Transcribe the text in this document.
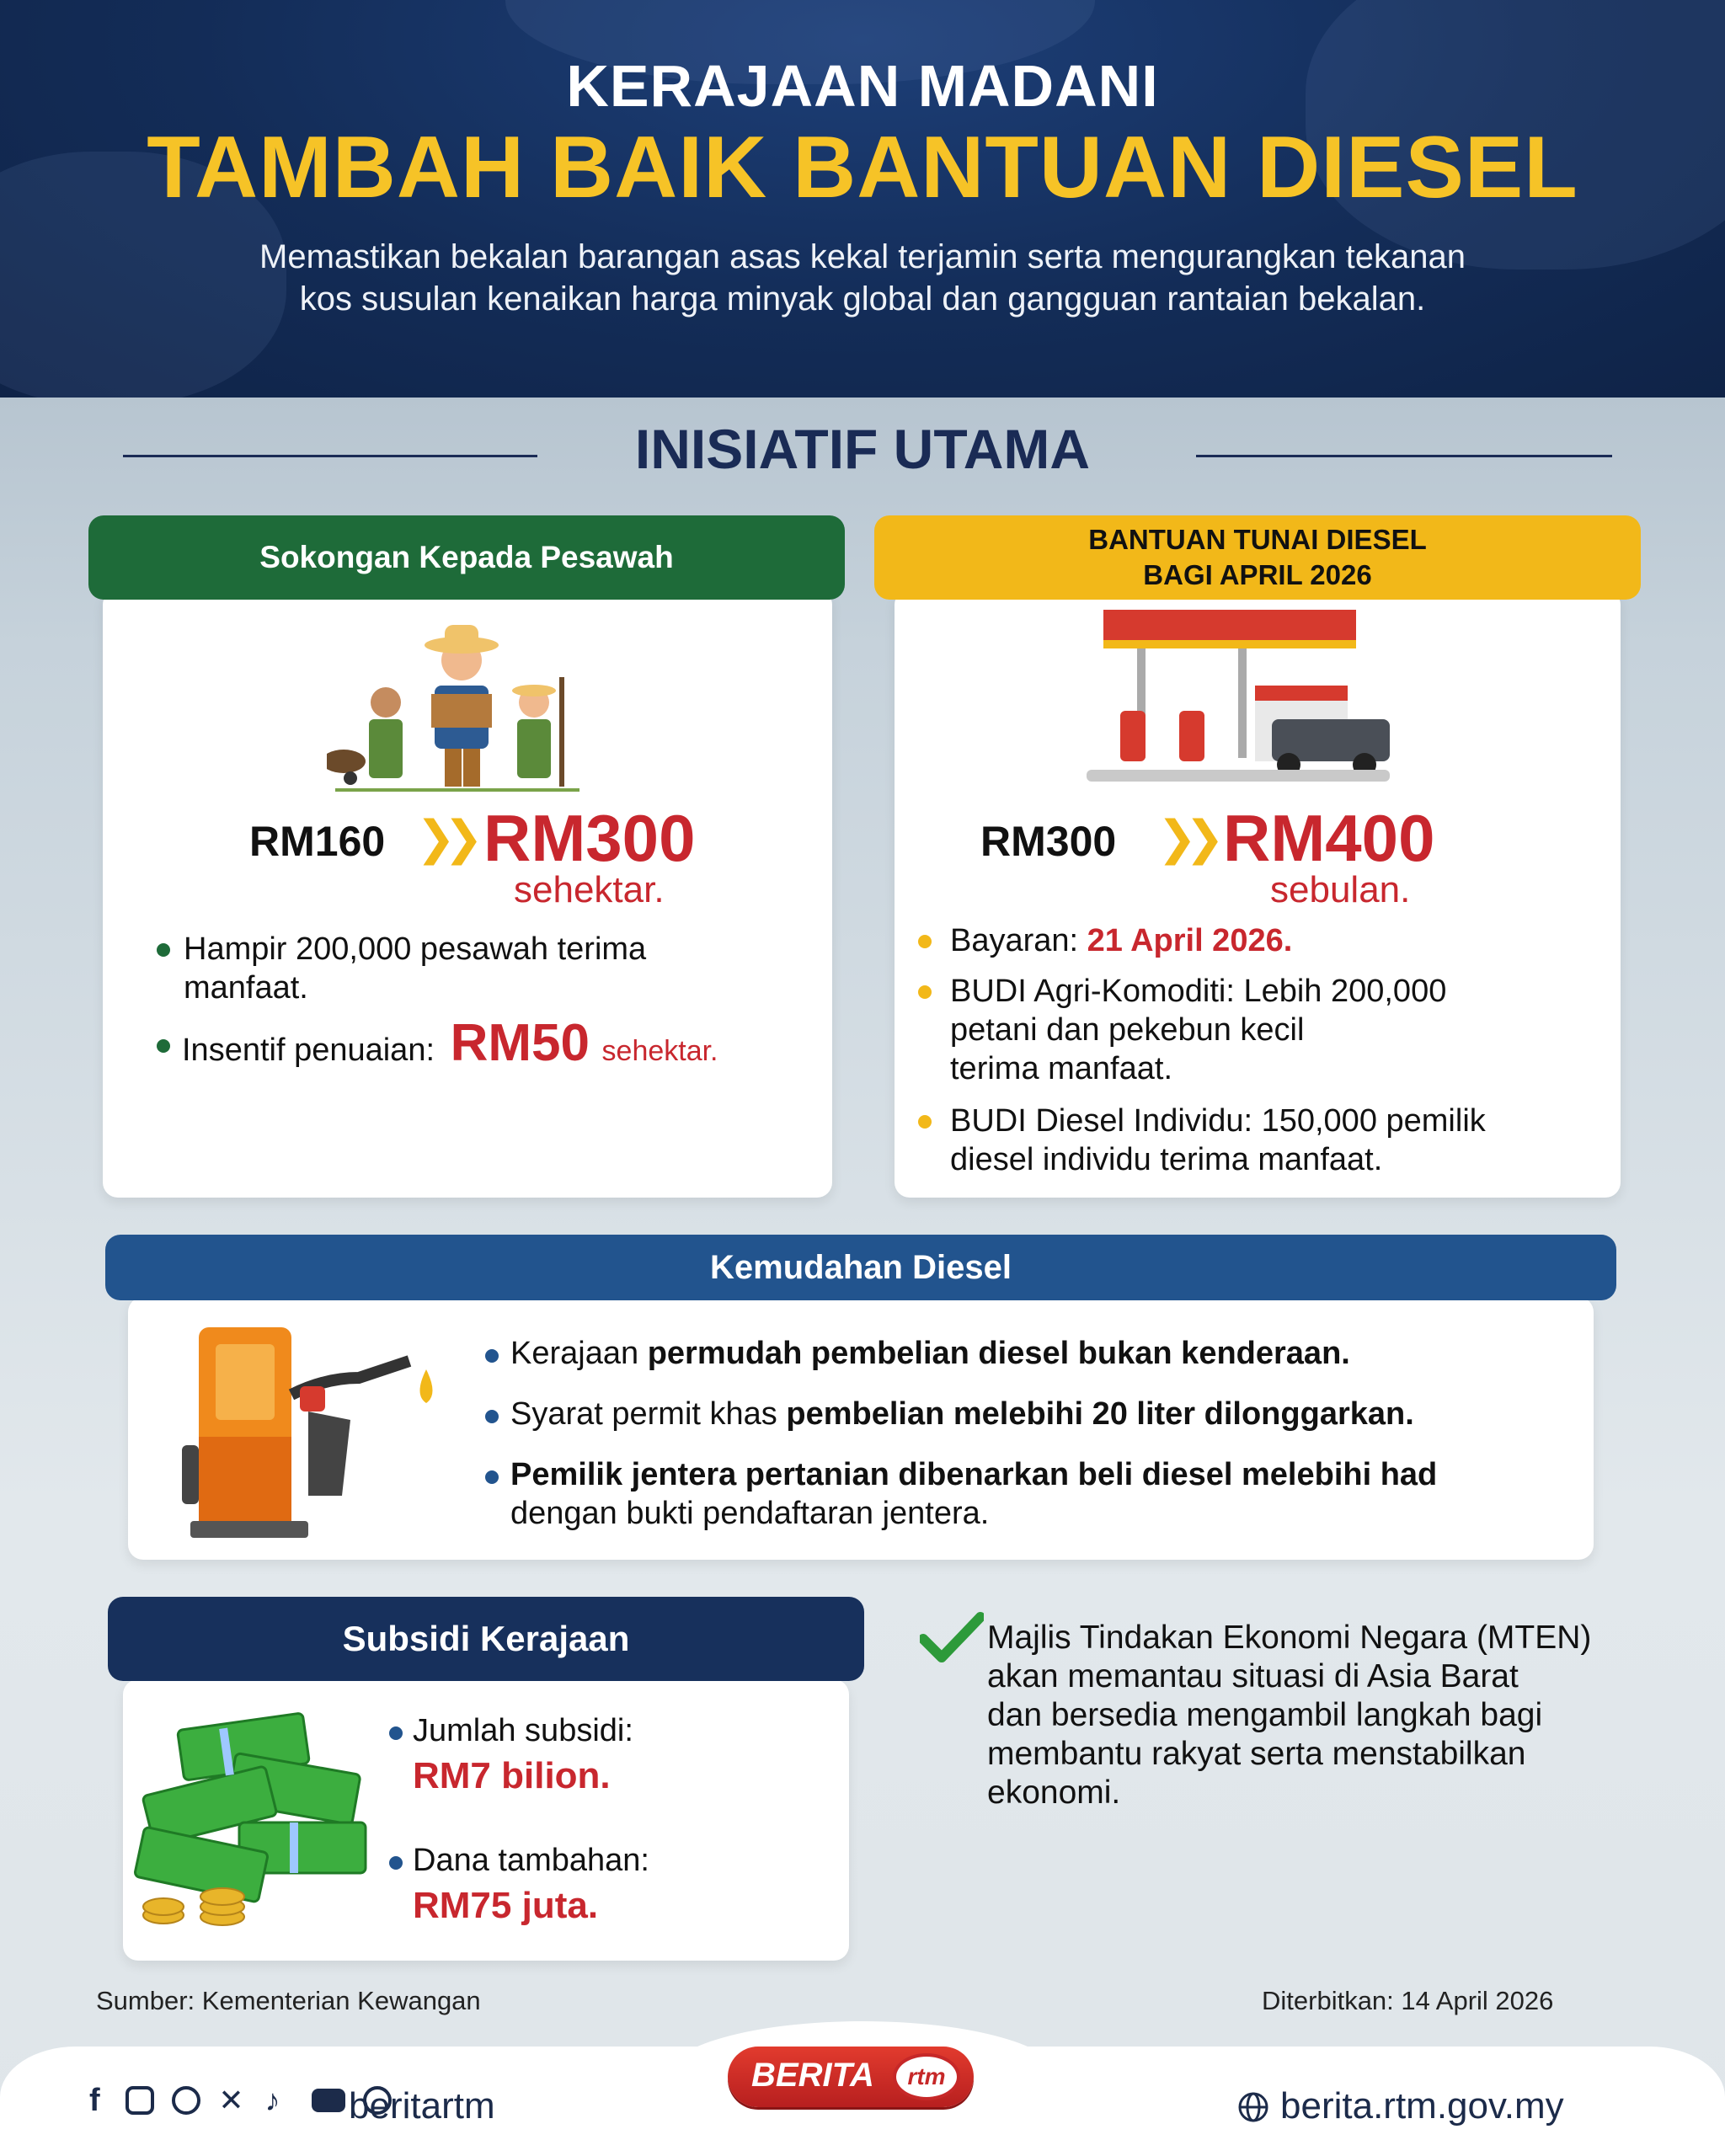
KERAJAAN MADANI
TAMBAH BAIK BANTUAN DIESEL
Memastikan bekalan barangan asas kekal terjamin serta mengurangkan tekanan
kos susulan kenaikan harga minyak global dan gangguan rantaian bekalan.
INISIATIF UTAMA
RM160 ❯❯ RM300
sehektar.
Hampir 200,000 pesawah terima
manfaat.
Insentif penuaian: RM50 sehektar.
Sokongan Kepada Pesawah
RM300 ❯❯ RM400
sebulan.
Bayaran: 21 April 2026.
BUDI Agri-Komoditi: Lebih 200,000
petani dan pekebun kecil
terima manfaat.
BUDI Diesel Individu: 150,000 pemilik
diesel individu terima manfaat.
BANTUAN TUNAI DIESEL
BAGI APRIL 2026
Kerajaan permudah pembelian diesel bukan kenderaan.
Syarat permit khas pembelian melebihi 20 liter dilonggarkan.
Pemilik jentera pertanian dibenarkan beli diesel melebihi had
dengan bukti pendaftaran jentera.
Kemudahan Diesel
Jumlah subsidi:
RM7 bilion.
Dana tambahan:
RM75 juta.
Subsidi Kerajaan	Majlis Tindakan Ekonomi Negara (MTEN)
akan memantau situasi di Asia Barat
dan bersedia mengambil langkah bagi
membantu rakyat serta menstabilkan
ekonomi.
Sumber: Kementerian Kewangan	Diterbitkan: 14 April 2026
BERITA	rtm
f	✕ ♪	beritartm	berita.rtm.gov.my
